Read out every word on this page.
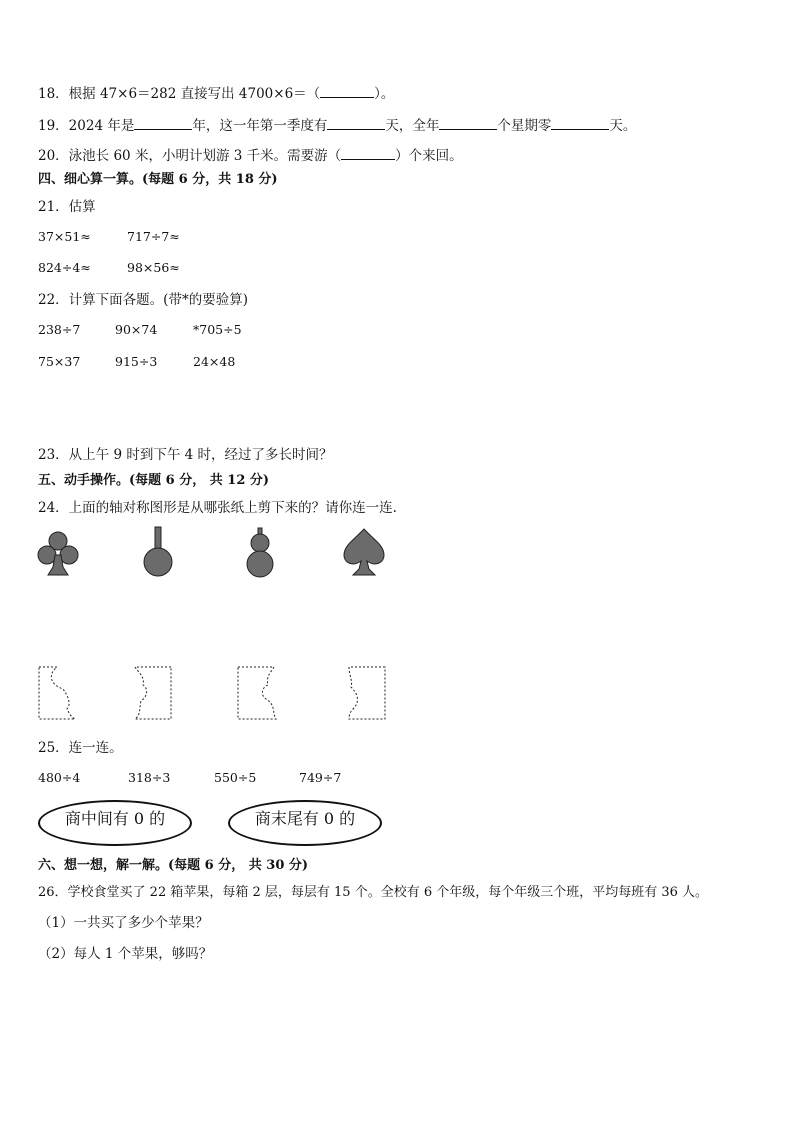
18．根据 47×6＝282 直接写出 4700×6＝（	）。
19．2024 年是	年，这一年第一季度有	天，全年	个星期零	天。
20．泳池长 60 米，小明计划游 3 千米。需要游（	）个来回。
四、细心算一算。(每题 6 分，共 18 分)
21．估算
37×51≈	717÷7≈
824÷4≈	98×56≈
22．计算下面各题。(带*的要验算)
238÷7	90×74	*705÷5
75×37	915÷3	24×48
23．从上午 9 时到下午 4 时，经过了多长时间？
五、动手操作。(每题 6 分， 共 12 分)
24．上面的轴对称图形是从哪张纸上剪下来的？请你连一连.
25．连一连。
480÷4	318÷3	550÷5	749÷7
商中间有 0 的	商末尾有 0 的
六、想一想，解一解。(每题 6 分， 共 30 分)
26．学校食堂买了 22 箱苹果，每箱 2 层，每层有 15 个。全校有 6 个年级，每个年级三个班，平均每班有 36 人。
（1）一共买了多少个苹果？
（2）每人 1 个苹果，够吗？
